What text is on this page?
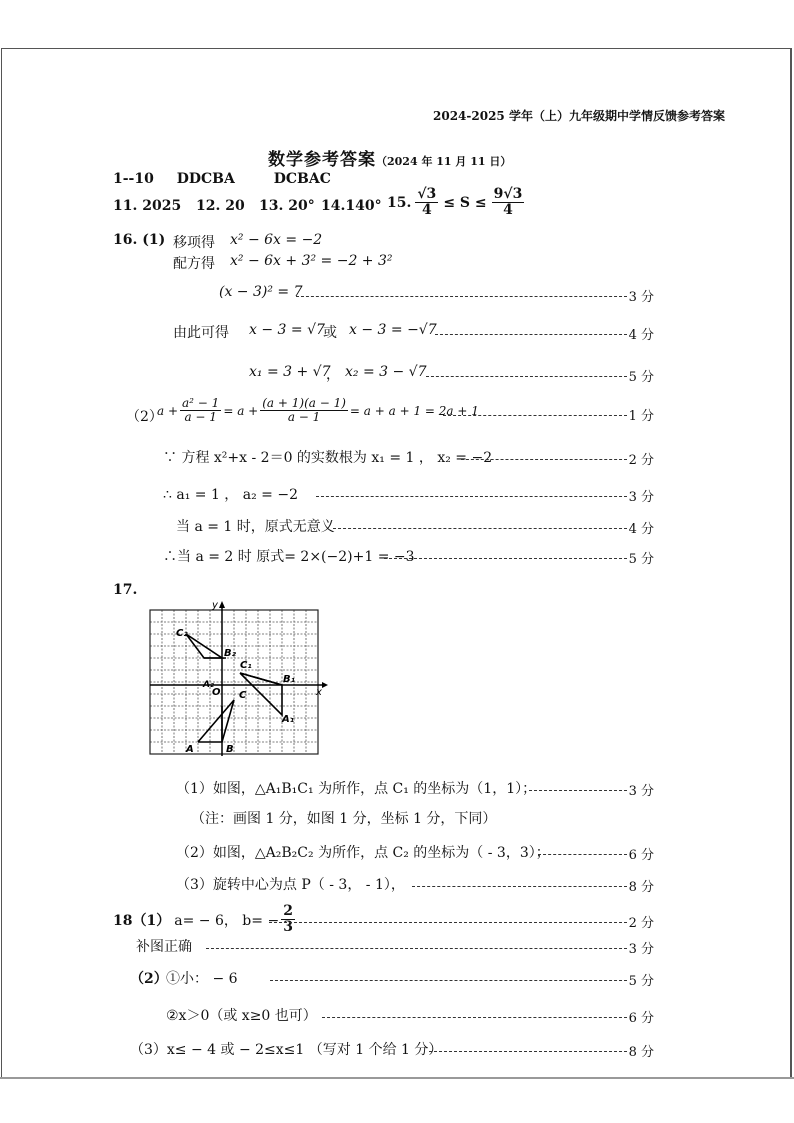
2024-2025 学年（上）九年级期中学情反馈参考答案
数学参考答案（2024 年 11 月 11 日）
1--10 DDCBA	DCBAC
11. 2025 12. 20 13. 20° 14.140° 15. $\frac{√3}{4} \le S \le \frac{9√3}{4}$
16. (1) 移项得 x² − 6x = −2
配方得 x² − 6x + 3² = −2 + 3²
(x − 3)² = 7	3 分
由此可得 x − 3 = √7
或 x − 3 = −√7	4 分
x₁ = 3 + √7
， x₂ = 3 − √7	5 分
（2）
$a + \frac{\text{a² − 1}}{a - 1} = a + \frac{(a + 1)(a - 1)}{a - 1} = a + a + 1 = 2a + 1$	1 分
∵ 方程 x²+x - 2＝0 的实数根为 x₁ = 1 ， x₂ = −2	2 分
∴ a₁ = 1 ， a₂ = −2	3 分
当 a = 1 时，原式无意义	4 分
∴当 a = 2 时 原式= 2×(−2)+1 = −3	5 分
17.
y
x
C₂
B₂
C₁
B₁
A₁
C
O
A	B
A₂
（1）如图，△A₁B₁C₁ 为所作，点 C₁ 的坐标为（1，1）；	3 分
（注：画图 1 分，如图 1 分，坐标 1 分，下同）
（2）如图，△A₂B₂C₂ 为所作，点 C₂ 的坐标为（ - 3，3）；	6 分
（3）旋转中心为点 P（ - 3， - 1），	8 分
18（1） a= − 6， $b= - \frac{2}{3}$	2 分
补图正确	3 分
（2）
①小： − 6	5 分
②x＞0（或 x≥0 也可）	6 分
（3）x≤ − 4 或 − 2≤x≤1 （写对 1 个给 1 分）	8 分
